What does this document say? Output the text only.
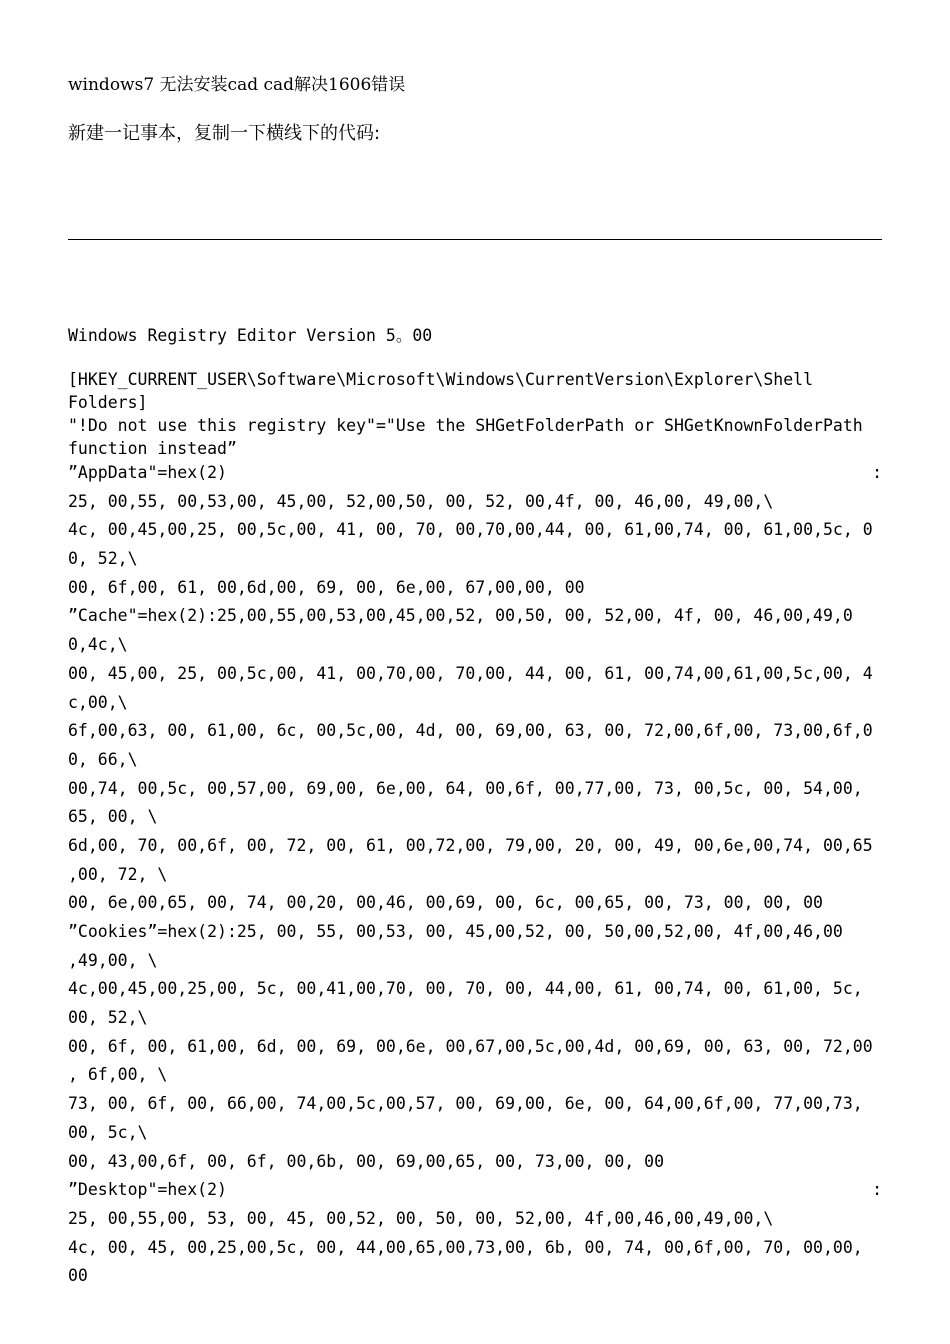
windows7 无法安装cad cad解决1606错误
新建一记事本，复制一下横线下的代码:
Windows Registry Editor Version 5。00
[HKEY_CURRENT_USER\Software\Microsoft\Windows\CurrentVersion\Explorer\Shell
Folders]
"!Do not use this registry key"="Use the SHGetFolderPath or SHGetKnownFolderPath
function instead”
”AppData"=hex(2)	:
25, 00,55, 00,53,00, 45,00, 52,00,50, 00, 52, 00,4f, 00, 46,00, 49,00,\
4c, 00,45,00,25, 00,5c,00, 41, 00, 70, 00,70,00,44, 00, 61,00,74, 00, 61,00,5c, 0
0, 52,\
00, 6f,00, 61, 00,6d,00, 69, 00, 6e,00, 67,00,00, 00
”Cache"=hex(2):25,00,55,00,53,00,45,00,52, 00,50, 00, 52,00, 4f, 00, 46,00,49,0
0,4c,\
00, 45,00, 25, 00,5c,00, 41, 00,70,00, 70,00, 44, 00, 61, 00,74,00,61,00,5c,00, 4
c,00,\
6f,00,63, 00, 61,00, 6c, 00,5c,00, 4d, 00, 69,00, 63, 00, 72,00,6f,00, 73,00,6f,0
0, 66,\
00,74, 00,5c, 00,57,00, 69,00, 6e,00, 64, 00,6f, 00,77,00, 73, 00,5c, 00, 54,00,
65, 00, \
6d,00, 70, 00,6f, 00, 72, 00, 61, 00,72,00, 79,00, 20, 00, 49, 00,6e,00,74, 00,65
,00, 72, \
00, 6e,00,65, 00, 74, 00,20, 00,46, 00,69, 00, 6c, 00,65, 00, 73, 00, 00, 00
”Cookies”=hex(2):25, 00, 55, 00,53, 00, 45,00,52, 00, 50,00,52,00, 4f,00,46,00
,49,00, \
4c,00,45,00,25,00, 5c, 00,41,00,70, 00, 70, 00, 44,00, 61, 00,74, 00, 61,00, 5c,
00, 52,\
00, 6f, 00, 61,00, 6d, 00, 69, 00,6e, 00,67,00,5c,00,4d, 00,69, 00, 63, 00, 72,00
, 6f,00, \
73, 00, 6f, 00, 66,00, 74,00,5c,00,57, 00, 69,00, 6e, 00, 64,00,6f,00, 77,00,73,
00, 5c,\
00, 43,00,6f, 00, 6f, 00,6b, 00, 69,00,65, 00, 73,00, 00, 00
”Desktop"=hex(2)	:
25, 00,55,00, 53, 00, 45, 00,52, 00, 50, 00, 52,00, 4f,00,46,00,49,00,\
4c, 00, 45, 00,25,00,5c, 00, 44,00,65,00,73,00, 6b, 00, 74, 00,6f,00, 70, 00,00,
00
